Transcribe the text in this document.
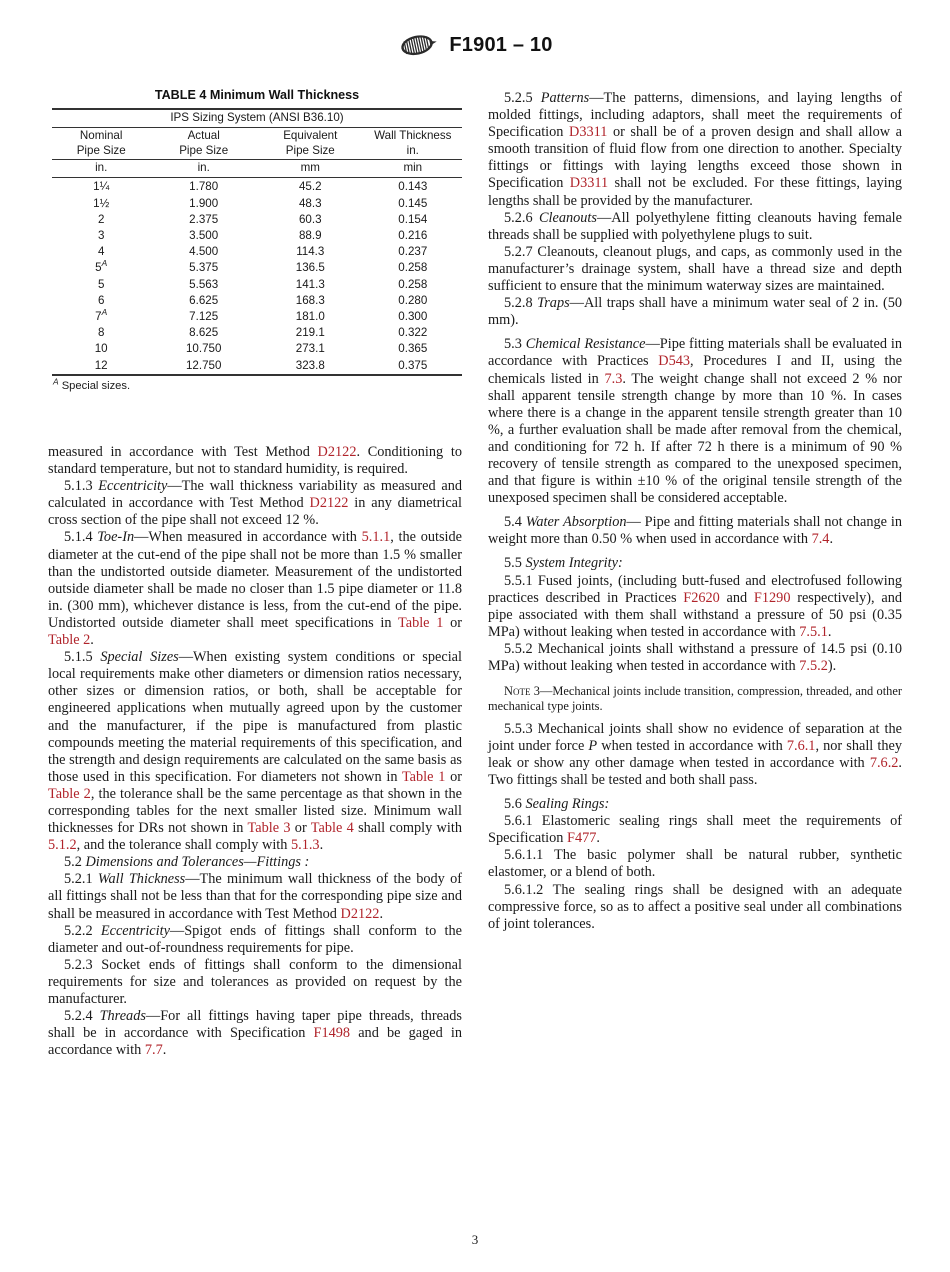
F1901 – 10
TABLE 4 Minimum Wall Thickness
IPS Sizing System (ANSI B36.10)			
Nominal	Actual	Equivalent	Wall Thickness
Pipe Size	Pipe Size	Pipe Size	in.
in.	in.	mm	min
1¼	1.780	45.2	0.143
1½	1.900	48.3	0.145
2	2.375	60.3	0.154
3	3.500	88.9	0.216
4	4.500	114.3	0.237
5$^A$	5.375	136.5	0.258
5	5.563	141.3	0.258
6	6.625	168.3	0.280
7$^A$	7.125	181.0	0.300
8	8.625	219.1	0.322
10	10.750	273.1	0.365
12	12.750	323.8	0.375

$^A$ Special sizes.

measured in accordance with Test Method D2122. Conditioning to standard temperature, but not to standard humidity, is required.

5.1.3 Eccentricity—The wall thickness variability as measured and calculated in accordance with Test Method D2122 in any diametrical cross section of the pipe shall not exceed 12 %.

5.1.4 Toe-In—When measured in accordance with 5.1.1, the outside diameter at the cut-end of the pipe shall not be more than 1.5 % smaller than the undistorted outside diameter. Measurement of the undistorted outside diameter shall be made no closer than 1.5 pipe diameter or 11.8 in. (300 mm), whichever distance is less, from the cut-end of the pipe. Undistorted outside diameter shall meet specifications in Table 1 or Table 2.

5.1.5 Special Sizes—When existing system conditions or special local requirements make other diameters or dimension ratios necessary, other sizes or dimension ratios, or both, shall be acceptable for engineered applications when mutually agreed upon by the customer and the manufacturer, if the pipe is manufactured from plastic compounds meeting the material requirements of this specification, and the strength and design requirements are calculated on the same basis as those used in this specification. For diameters not shown in Table 1 or Table 2, the tolerance shall be the same percentage as that shown in the corresponding tables for the next smaller listed size. Minimum wall thicknesses for DRs not shown in Table 3 or Table 4 shall comply with 5.1.2, and the tolerance shall comply with 5.1.3.

5.2 Dimensions and Tolerances—Fittings :

5.2.1 Wall Thickness—The minimum wall thickness of the body of all fittings shall not be less than that for the corresponding pipe size and shall be measured in accordance with Test Method D2122.

5.2.2 Eccentricity—Spigot ends of fittings shall conform to the diameter and out-of-roundness requirements for pipe.

5.2.3 Socket ends of fittings shall conform to the dimensional requirements for size and tolerances as provided on request by the manufacturer.

5.2.4 Threads—For all fittings having taper pipe threads, threads shall be in accordance with Specification F1498 and be gaged in accordance with 7.7.

5.2.5 Patterns—The patterns, dimensions, and laying lengths of molded fittings, including adaptors, shall meet the requirements of Specification D3311 or shall be of a proven design and shall allow a smooth transition of fluid flow from one direction to another. Specialty fittings or fittings with laying lengths exceed those shown in Specification D3311 shall not be excluded. For these fittings, laying lengths shall be provided by the manufacturer.

5.2.6 Cleanouts—All polyethylene fitting cleanouts having female threads shall be supplied with polyethylene plugs to suit.

5.2.7 Cleanouts, cleanout plugs, and caps, as commonly used in the manufacturer’s drainage system, shall have a thread size and depth sufficient to ensure that the minimum waterway sizes are maintained.

5.2.8 Traps—All traps shall have a minimum water seal of 2 in. (50 mm).

5.3 Chemical Resistance—Pipe fitting materials shall be evaluated in accordance with Practices D543, Procedures I and II, using the chemicals listed in 7.3. The weight change shall not exceed 2 % nor shall apparent tensile strength change by more than 10 %. In cases where there is a change in the apparent tensile strength greater than 10 %, a further evaluation shall be made after removal from the chemical, and conditioning for 72 h. If after 72 h there is a minimum of 90 % recovery of tensile strength as compared to the unexposed specimen, and that figure is within ±10 % of the original tensile strength of the unexposed specimen shall be considered acceptable.

5.4 Water Absorption— Pipe and fitting materials shall not change in weight more than 0.50 % when used in accordance with 7.4.

5.5 System Integrity:

5.5.1 Fused joints, (including butt-fused and electrofused following practices described in Practices F2620 and F1290 respectively), and pipe associated with them shall withstand a pressure of 50 psi (0.35 MPa) without leaking when tested in accordance with 7.5.1.

5.5.2 Mechanical joints shall withstand a pressure of 14.5 psi (0.10 MPa) without leaking when tested in accordance with 7.5.2).

Note 3—Mechanical joints include transition, compression, threaded, and other mechanical type joints.

5.5.3 Mechanical joints shall show no evidence of separation at the joint under force P when tested in accordance with 7.6.1, nor shall they leak or show any other damage when tested in accordance with 7.6.2. Two fittings shall be tested and both shall pass.

5.6 Sealing Rings:

5.6.1 Elastomeric sealing rings shall meet the requirements of Specification F477.

5.6.1.1 The basic polymer shall be natural rubber, synthetic elastomer, or a blend of both.

5.6.1.2 The sealing rings shall be designed with an adequate compressive force, so as to affect a positive seal under all combinations of joint tolerances.

3
